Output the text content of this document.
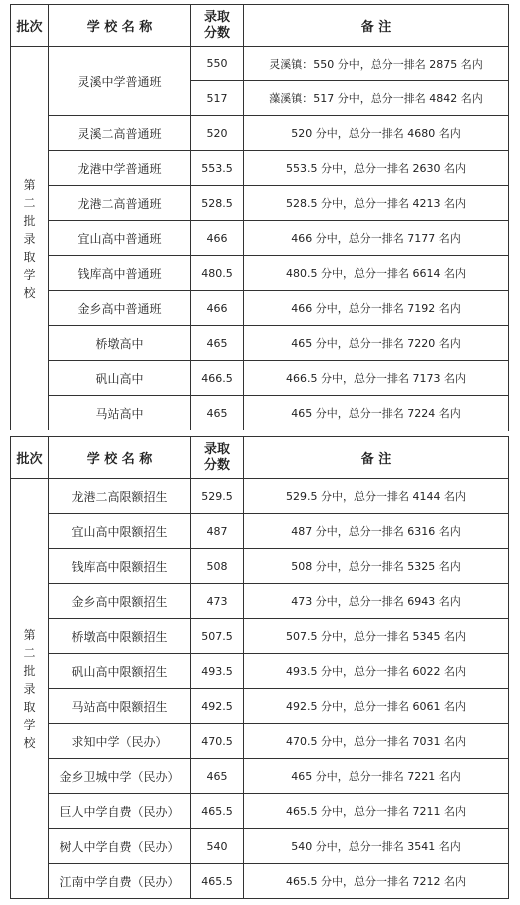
批次	学 校 名 称	录取
分数	备 注
第二批录取学校	灵溪中学普通班	550	灵溪镇：550 分中，总分一排名 2875 名内
		517	藻溪镇：517 分中，总分一排名 4842 名内
	灵溪二高普通班	520	520 分中，总分一排名 4680 名内
	龙港中学普通班	553.5	553.5 分中，总分一排名 2630 名内
	龙港二高普通班	528.5	528.5 分中，总分一排名 4213 名内
	宜山高中普通班	466	466 分中，总分一排名 7177 名内
	钱库高中普通班	480.5	480.5 分中，总分一排名 6614 名内
	金乡高中普通班	466	466 分中，总分一排名 7192 名内
	桥墩高中	465	465 分中，总分一排名 7220 名内
	矾山高中	466.5	466.5 分中，总分一排名 7173 名内
	马站高中	465	465 分中，总分一排名 7224 名内
批次	学 校 名 称	录取
分数	备 注
第二批录取学校	龙港二高限额招生	529.5	529.5 分中，总分一排名 4144 名内
	宜山高中限额招生	487	487 分中，总分一排名 6316 名内
	钱库高中限额招生	508	508 分中，总分一排名 5325 名内
	金乡高中限额招生	473	473 分中，总分一排名 6943 名内
	桥墩高中限额招生	507.5	507.5 分中，总分一排名 5345 名内
	矾山高中限额招生	493.5	493.5 分中，总分一排名 6022 名内
	马站高中限额招生	492.5	492.5 分中，总分一排名 6061 名内
	求知中学（民办）	470.5	470.5 分中，总分一排名 7031 名内
	金乡卫城中学（民办）	465	465 分中，总分一排名 7221 名内
	巨人中学自费（民办）	465.5	465.5 分中，总分一排名 7211 名内
	树人中学自费（民办）	540	540 分中，总分一排名 3541 名内
	江南中学自费（民办）	465.5	465.5 分中，总分一排名 7212 名内
